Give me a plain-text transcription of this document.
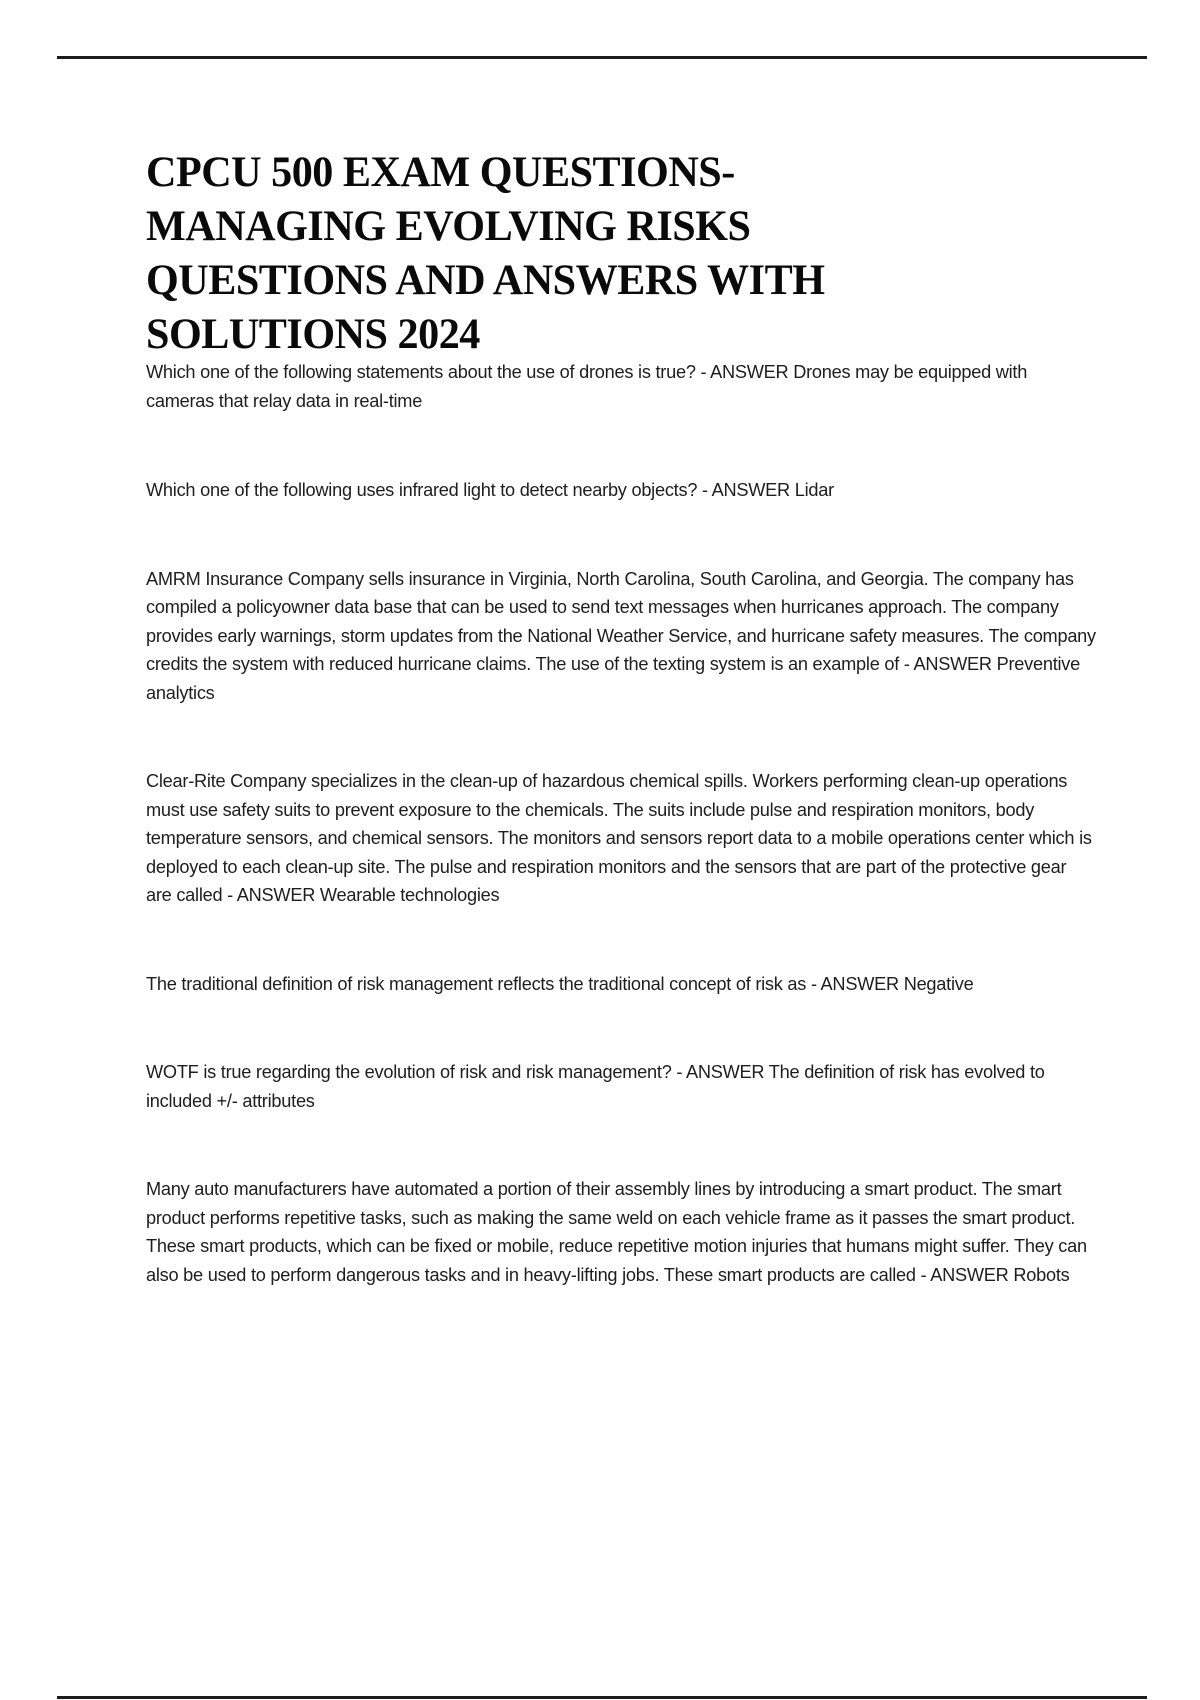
CPCU 500 EXAM QUESTIONS-
MANAGING EVOLVING RISKS
QUESTIONS AND ANSWERS WITH
SOLUTIONS 2024

Which one of the following statements about the use of drones is true? - ANSWER Drones may be equipped with cameras that relay data in real-time

Which one of the following uses infrared light to detect nearby objects? - ANSWER Lidar

AMRM Insurance Company sells insurance in Virginia, North Carolina, South Carolina, and Georgia. The company has compiled a policyowner data base that can be used to send text messages when hurricanes approach. The company provides early warnings, storm updates from the National Weather Service, and hurricane safety measures. The company credits the system with reduced hurricane claims. The use of the texting system is an example of - ANSWER Preventive analytics

Clear-Rite Company specializes in the clean-up of hazardous chemical spills. Workers performing clean-up operations must use safety suits to prevent exposure to the chemicals. The suits include pulse and respiration monitors, body temperature sensors, and chemical sensors. The monitors and sensors report data to a mobile operations center which is deployed to each clean-up site. The pulse and respiration monitors and the sensors that are part of the protective gear are called - ANSWER Wearable technologies

The traditional definition of risk management reflects the traditional concept of risk as - ANSWER Negative

WOTF is true regarding the evolution of risk and risk management? - ANSWER The definition of risk has evolved to included +/- attributes

Many auto manufacturers have automated a portion of their assembly lines by introducing a smart product. The smart product performs repetitive tasks, such as making the same weld on each vehicle frame as it passes the smart product. These smart products, which can be fixed or mobile, reduce repetitive motion injuries that humans might suffer. They can also be used to perform dangerous tasks and in heavy-lifting jobs. These smart products are called - ANSWER Robots
